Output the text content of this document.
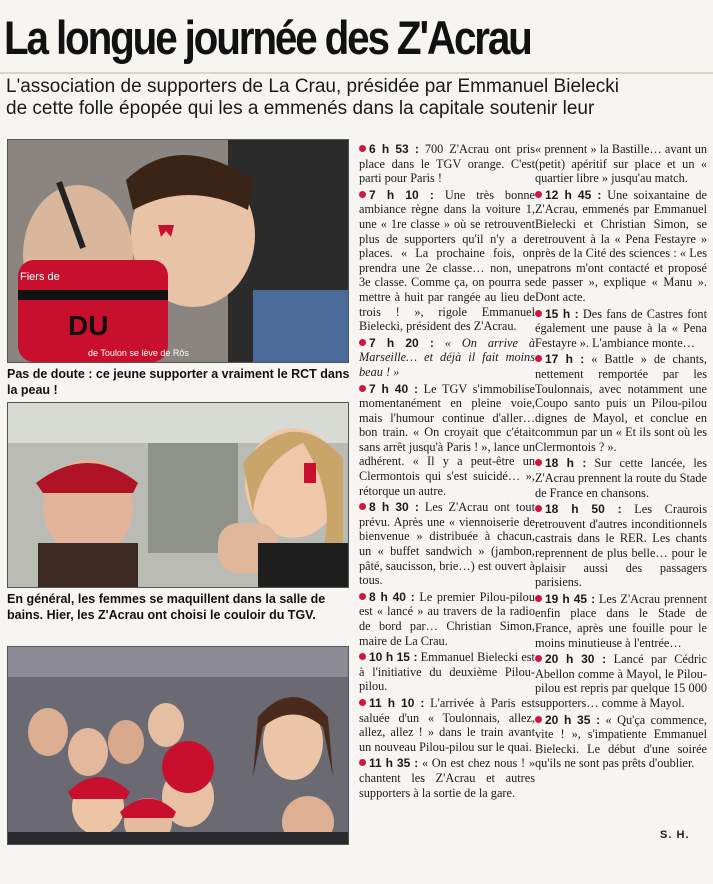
La longue journée des Z'Acrau
L'association de supporters de La Crau, présidée par Emmanuel Bielecki
de cette folle épopée qui les a emmenés dans la capitale soutenir leur
DU
de Toulon se lève de Rôs
Fiers de
Pas de doute : ce jeune supporter a vraiment le RCT dans la peau !
En général, les femmes se maquillent dans la salle de bains. Hier, les Z'Acrau ont choisi le couloir du TGV.

6 h 53 : 700 Z'Acrau ont pris place dans le TGV orange. C'est parti pour Paris !

7 h 10 : Une très bonne ambiance règne dans la voiture 1, une « 1re classe » où se retrouvent plus de supporters qu'il n'y a de places. « La prochaine fois, on prendra une 2e classe… non, une 3e classe. Comme ça, on pourra se mettre à huit par rangée au lieu de trois ! », rigole Emmanuel Bielecki, président des Z'Acrau.

7 h 20 : « On arrive à Marseille… et déjà il fait moins beau ! »

7 h 40 : Le TGV s'immobilise momentanément en pleine voie, mais l'humour continue d'aller… bon train. « On croyait que c'était sans arrêt jusqu'à Paris ! », lance un adhérent. « Il y a peut-être un Clermontois qui s'est suicidé… », rétorque un autre.

8 h 30 : Les Z'Acrau ont tout prévu. Après une « viennoiserie de bienvenue » distribuée à chacun, un « buffet sandwich » (jambon, pâté, saucisson, brie…) est ouvert à tous.

8 h 40 : Le premier Pilou-pilou est « lancé » au travers de la radio de bord par… Christian Simon, maire de La Crau.

10 h 15 : Emmanuel Bielecki est à l'initiative du deuxième Pilou-pilou.

11 h 10 : L'arrivée à Paris est saluée d'un « Toulonnais, allez, allez, allez ! » dans le train avant un nouveau Pilou-pilou sur le quai.

11 h 35 : « On est chez nous ! » chantent les Z'Acrau et autres supporters à la sortie de la gare.

« prennent » la Bastille… avant un (petit) apéritif sur place et un « quartier libre » jusqu'au match.

12 h 45 : Une soixantaine de Z'Acrau, emmenés par Emmanuel Bielecki et Christian Simon, se retrouvent à la « Pena Festayre » près de la Cité des sciences : « Les patrons m'ont contacté et proposé de passer », explique « Manu ». Dont acte.

15 h : Des fans de Castres font également une pause à la « Pena Festayre ». L'ambiance monte…

17 h : « Battle » de chants, nettement remportée par les Toulonnais, avec notamment une Coupo santo puis un Pilou-pilou dignes de Mayol, et conclue en commun par un « Et ils sont où les Clermontois ? ».

18 h : Sur cette lancée, les Z'Acrau prennent la route du Stade de France en chansons.

18 h 50 : Les Craurois retrouvent d'autres inconditionnels castrais dans le RER. Les chants reprennent de plus belle… pour le plaisir aussi des passagers parisiens.

19 h 45 : Les Z'Acrau prennent enfin place dans le Stade de France, après une fouille pour le moins minutieuse à l'entrée…

20 h 30 : Lancé par Cédric Abellon comme à Mayol, le Pilou-pilou est repris par quelque 15 000 supporters… comme à Mayol.

20 h 35 : « Qu'ça commence, vite ! », s'impatiente Emmanuel Bielecki. Le début d'une soirée qu'ils ne sont pas prêts d'oublier.

S. H.
